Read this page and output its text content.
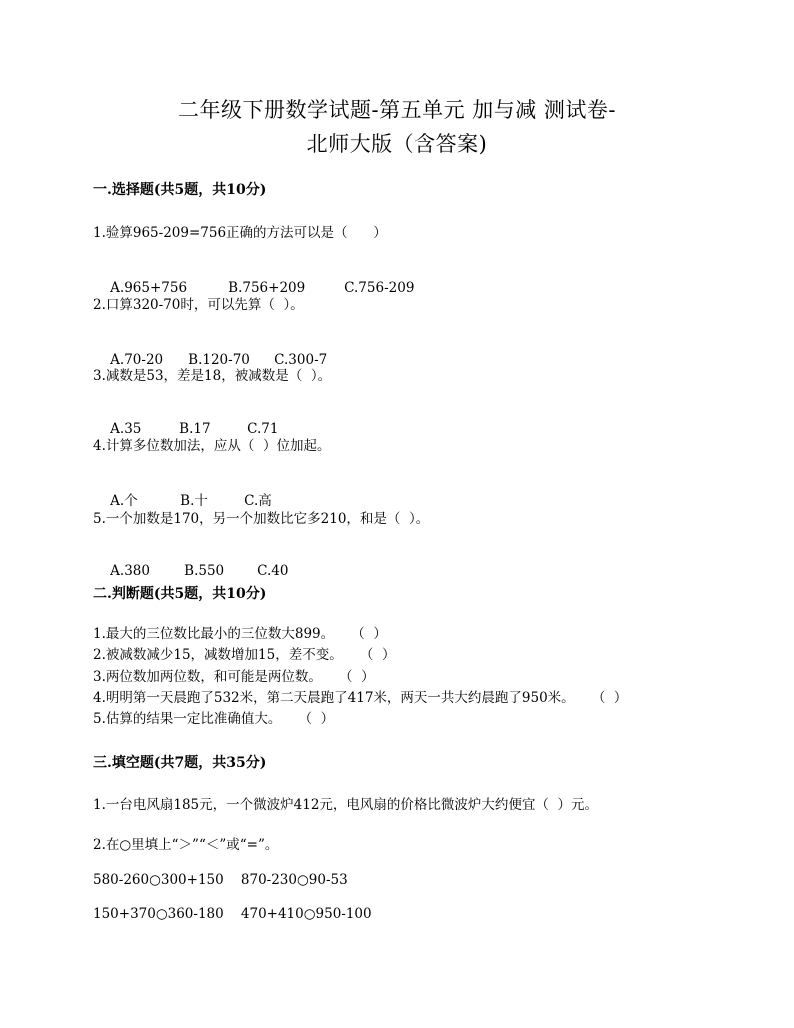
二年级下册数学试题-第五单元 加与减 测试卷-
北师大版（含答案)
一.选择题(共5题，共10分)
1.验算965-209=756正确的方法可以是（      ）

A.965+756	B.756+209	C.756-209

2.口算320-70时，可以先算（  ）。

A.70-20 B.120-70 C.300-7

3.减数是53，差是18，被减数是（  ）。

A.35	B.17	C.71

4.计算多位数加法，应从（  ）位加起。

A.个	B.十	C.高

5.一个加数是170，另一个加数比它多210，和是（  ）。

A.380	B.550 C.40

二.判断题(共5题，共10分)
1.最大的三位数比最小的三位数大899。    （  ）
2.被减数减少15，减数增加15，差不变。    （  ）
3.两位数加两位数，和可能是两位数。    （  ）
4.明明第一天晨跑了532米，第二天晨跑了417米，两天一共大约晨跑了950米。    （  ）
5.估算的结果一定比准确值大。    （  ）
三.填空题(共7题，共35分)
1.一台电风扇185元，一个微波炉412元，电风扇的价格比微波炉大约便宜（  ）元。
2.在○里填上“＞”“＜”或“=”。
580-260○300+150    870-230○90-53
150+370○360-180    470+410○950-100
